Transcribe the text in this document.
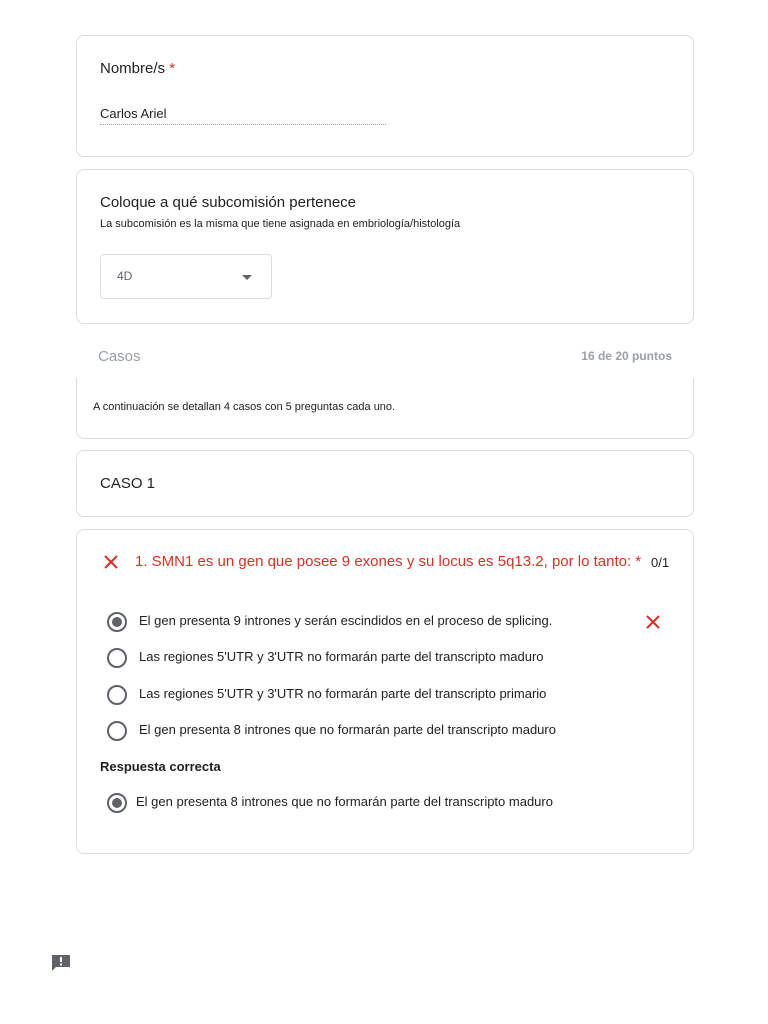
Nombre/s *
Carlos Ariel
Coloque a qué subcomisión pertenece
La subcomisión es la misma que tiene asignada en embriología/histología
4D
Casos	16 de 20 puntos
A continuación se detallan 4 casos con 5 preguntas cada uno.
CASO 1
1. SMN1 es un gen que posee 9 exones y su locus es 5q13.2, por lo tanto: * 0/1
El gen presenta 9 intrones y serán escindidos en el proceso de splicing.
Las regiones 5'UTR y 3'UTR no formarán parte del transcripto maduro
Las regiones 5'UTR y 3'UTR no formarán parte del transcripto primario
El gen presenta 8 intrones que no formarán parte del transcripto maduro
Respuesta correcta
El gen presenta 8 intrones que no formarán parte del transcripto maduro
